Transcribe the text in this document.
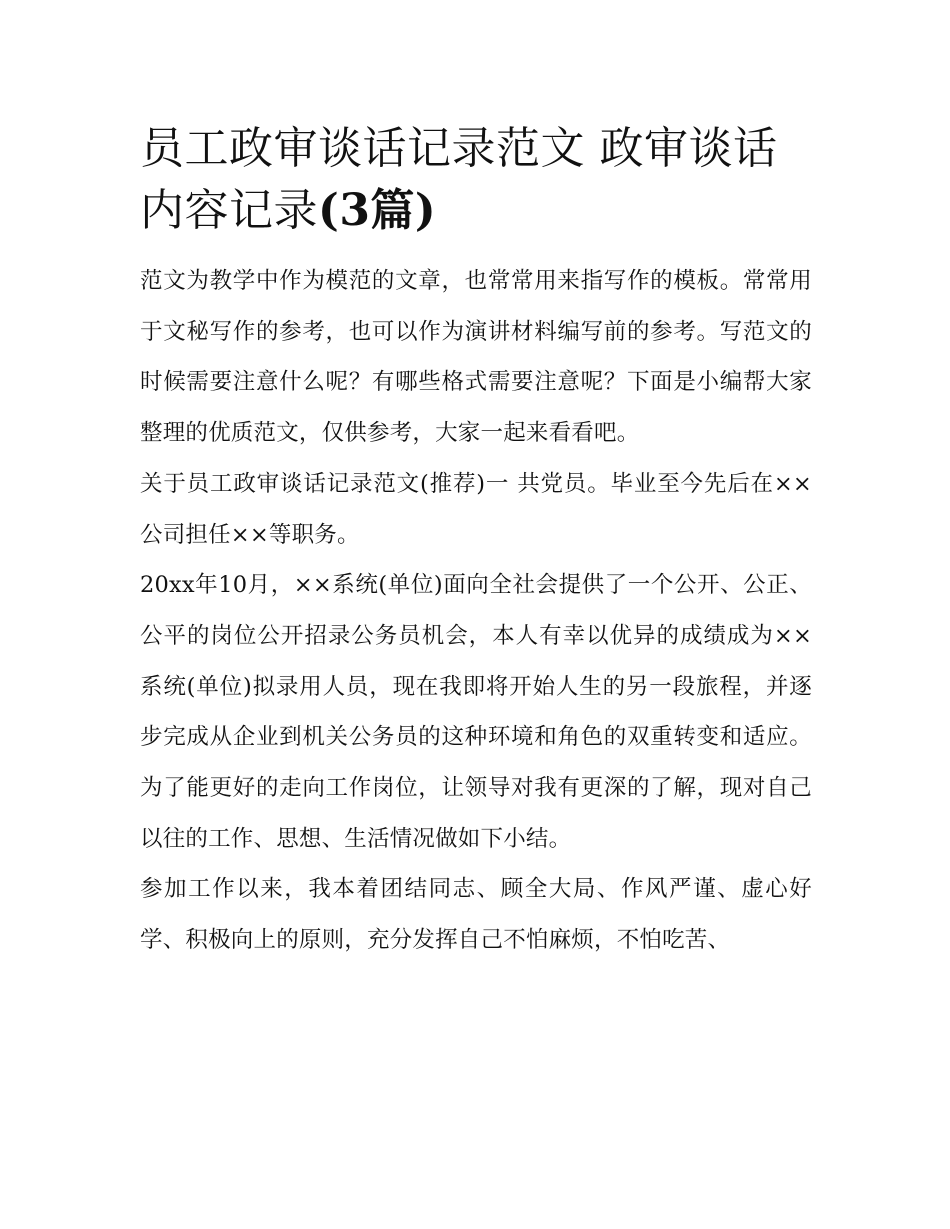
员工政审谈话记录范文 政审谈话内容记录(3篇)

范文为教学中作为模范的文章，也常常用来指写作的模板。常常用于文秘写作的参考，也可以作为演讲材料编写前的参考。写范文的时候需要注意什么呢？有哪些格式需要注意呢？下面是小编帮大家整理的优质范文，仅供参考，大家一起来看看吧。

关于员工政审谈话记录范文(推荐)一 共党员。毕业至今先后在××公司担任××等职务。

20xx年10月，××系统(单位)面向全社会提供了一个公开、公正、公平的岗位公开招录公务员机会，本人有幸以优异的成绩成为××系统(单位)拟录用人员，现在我即将开始人生的另一段旅程，并逐步完成从企业到机关公务员的这种环境和角色的双重转变和适应。为了能更好的走向工作岗位，让领导对我有更深的了解，现对自己以往的工作、思想、生活情况做如下小结。

参加工作以来，我本着团结同志、顾全大局、作风严谨、虚心好学、积极向上的原则，充分发挥自己不怕麻烦，不怕吃苦、
